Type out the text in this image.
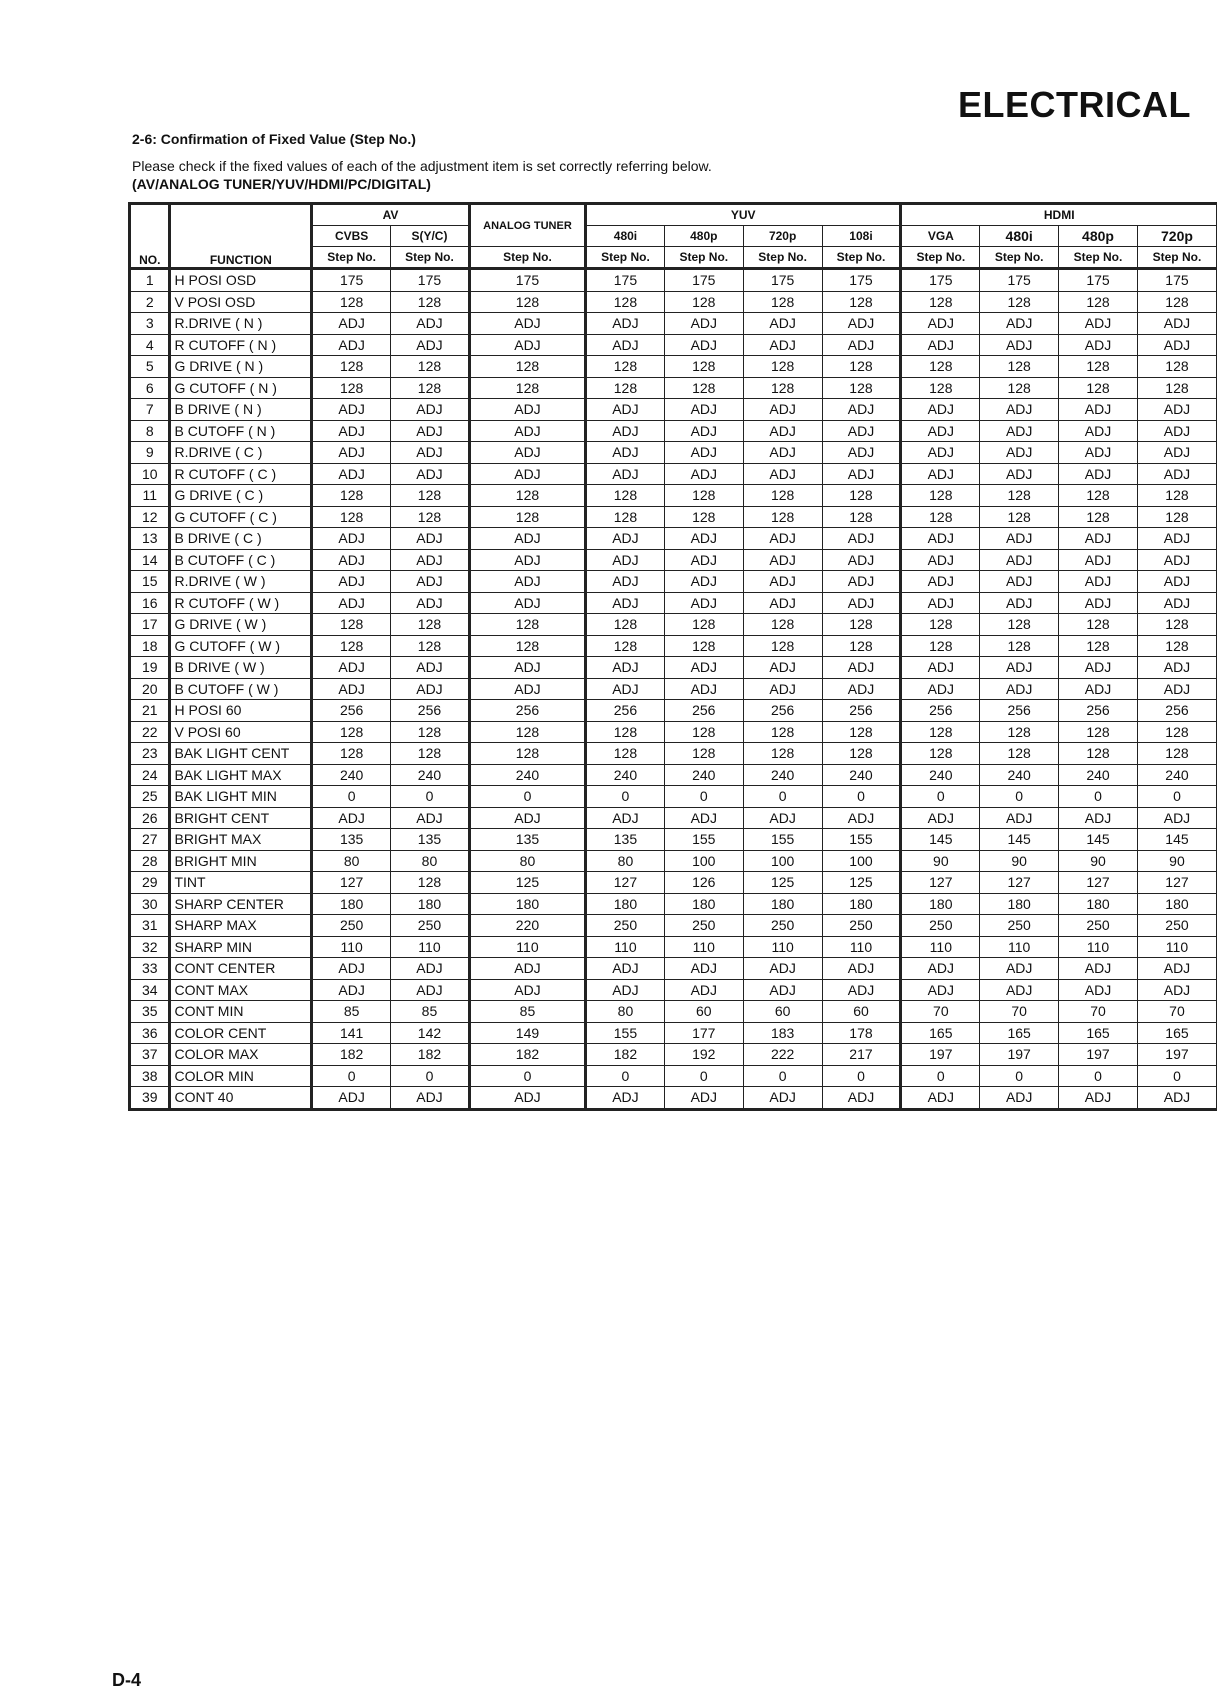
ELECTRICAL
2-6: Confirmation of Fixed Value (Step No.)
Please check if the fixed values of each of the adjustment item is set correctly referring below.
(AV/ANALOG TUNER/YUV/HDMI/PC/DIGITAL)
NO.	FUNCTION	AV		ANALOG TUNER	YUV				HDMI			
		CVBS	S(Y/C)		480i	480p	720p	108i	VGA	480i	480p	720p
		Step No.	Step No.	Step No.	Step No.	Step No.	Step No.	Step No.	Step No.	Step No.	Step No.	Step No.
1	H POSI OSD	175	175	175	175	175	175	175	175	175	175	175
2	V POSI OSD	128	128	128	128	128	128	128	128	128	128	128
3	R.DRIVE ( N )	ADJ	ADJ	ADJ	ADJ	ADJ	ADJ	ADJ	ADJ	ADJ	ADJ	ADJ
4	R CUTOFF ( N )	ADJ	ADJ	ADJ	ADJ	ADJ	ADJ	ADJ	ADJ	ADJ	ADJ	ADJ
5	G DRIVE ( N )	128	128	128	128	128	128	128	128	128	128	128
6	G CUTOFF ( N )	128	128	128	128	128	128	128	128	128	128	128
7	B DRIVE ( N )	ADJ	ADJ	ADJ	ADJ	ADJ	ADJ	ADJ	ADJ	ADJ	ADJ	ADJ
8	B CUTOFF ( N )	ADJ	ADJ	ADJ	ADJ	ADJ	ADJ	ADJ	ADJ	ADJ	ADJ	ADJ
9	R.DRIVE ( C )	ADJ	ADJ	ADJ	ADJ	ADJ	ADJ	ADJ	ADJ	ADJ	ADJ	ADJ
10	R CUTOFF ( C )	ADJ	ADJ	ADJ	ADJ	ADJ	ADJ	ADJ	ADJ	ADJ	ADJ	ADJ
11	G DRIVE ( C )	128	128	128	128	128	128	128	128	128	128	128
12	G CUTOFF ( C )	128	128	128	128	128	128	128	128	128	128	128
13	B DRIVE ( C )	ADJ	ADJ	ADJ	ADJ	ADJ	ADJ	ADJ	ADJ	ADJ	ADJ	ADJ
14	B CUTOFF ( C )	ADJ	ADJ	ADJ	ADJ	ADJ	ADJ	ADJ	ADJ	ADJ	ADJ	ADJ
15	R.DRIVE ( W )	ADJ	ADJ	ADJ	ADJ	ADJ	ADJ	ADJ	ADJ	ADJ	ADJ	ADJ
16	R CUTOFF ( W )	ADJ	ADJ	ADJ	ADJ	ADJ	ADJ	ADJ	ADJ	ADJ	ADJ	ADJ
17	G DRIVE ( W )	128	128	128	128	128	128	128	128	128	128	128
18	G CUTOFF ( W )	128	128	128	128	128	128	128	128	128	128	128
19	B DRIVE ( W )	ADJ	ADJ	ADJ	ADJ	ADJ	ADJ	ADJ	ADJ	ADJ	ADJ	ADJ
20	B CUTOFF ( W )	ADJ	ADJ	ADJ	ADJ	ADJ	ADJ	ADJ	ADJ	ADJ	ADJ	ADJ
21	H POSI 60	256	256	256	256	256	256	256	256	256	256	256
22	V POSI 60	128	128	128	128	128	128	128	128	128	128	128
23	BAK LIGHT CENT	128	128	128	128	128	128	128	128	128	128	128
24	BAK LIGHT MAX	240	240	240	240	240	240	240	240	240	240	240
25	BAK LIGHT MIN	0	0	0	0	0	0	0	0	0	0	0
26	BRIGHT CENT	ADJ	ADJ	ADJ	ADJ	ADJ	ADJ	ADJ	ADJ	ADJ	ADJ	ADJ
27	BRIGHT MAX	135	135	135	135	155	155	155	145	145	145	145
28	BRIGHT MIN	80	80	80	80	100	100	100	90	90	90	90
29	TINT	127	128	125	127	126	125	125	127	127	127	127
30	SHARP CENTER	180	180	180	180	180	180	180	180	180	180	180
31	SHARP MAX	250	250	220	250	250	250	250	250	250	250	250
32	SHARP MIN	110	110	110	110	110	110	110	110	110	110	110
33	CONT CENTER	ADJ	ADJ	ADJ	ADJ	ADJ	ADJ	ADJ	ADJ	ADJ	ADJ	ADJ
34	CONT MAX	ADJ	ADJ	ADJ	ADJ	ADJ	ADJ	ADJ	ADJ	ADJ	ADJ	ADJ
35	CONT MIN	85	85	85	80	60	60	60	70	70	70	70
36	COLOR CENT	141	142	149	155	177	183	178	165	165	165	165
37	COLOR MAX	182	182	182	182	192	222	217	197	197	197	197
38	COLOR MIN	0	0	0	0	0	0	0	0	0	0	0
39	CONT 40	ADJ	ADJ	ADJ	ADJ	ADJ	ADJ	ADJ	ADJ	ADJ	ADJ	ADJ
D-4
